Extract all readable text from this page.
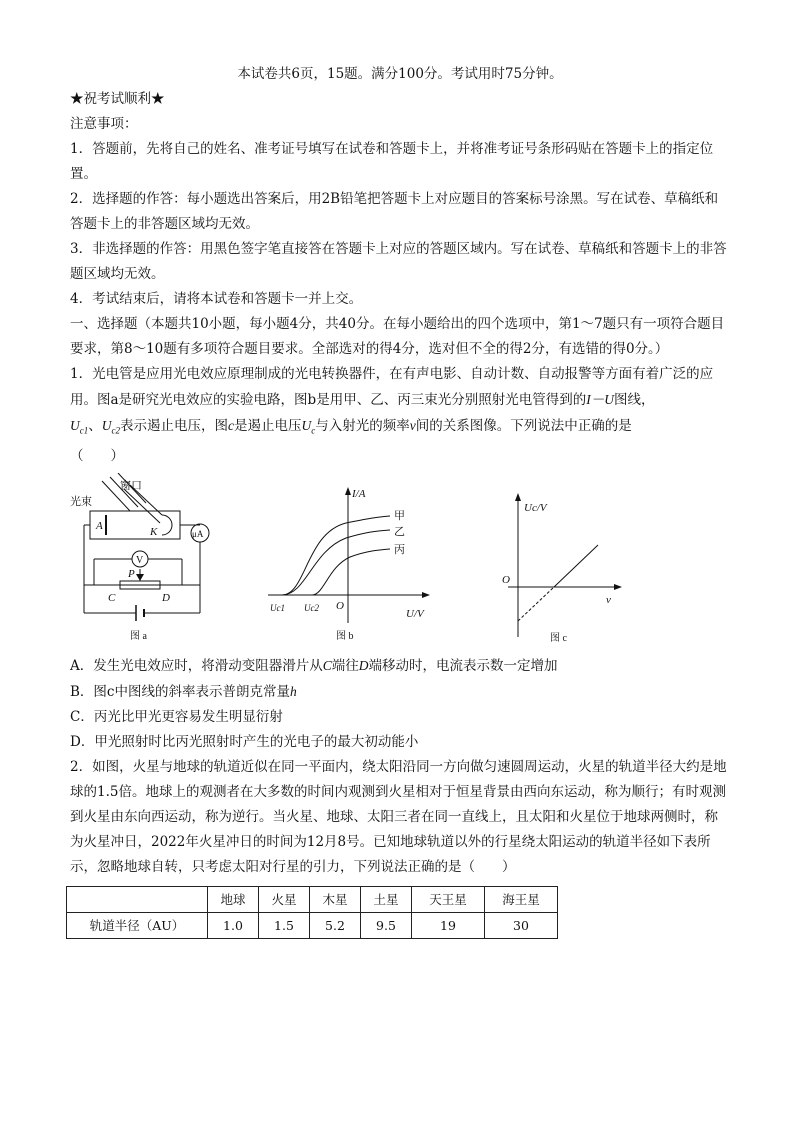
本试卷共6页，15题。满分100分。考试用时75分钟。
★祝考试顺利★
注意事项：
1．答题前，先将自己的姓名、准考证号填写在试卷和答题卡上，并将准考证号条形码贴在答题卡上的指定位置。
2．选择题的作答：每小题选出答案后，用2B铅笔把答题卡上对应题目的答案标号涂黑。写在试卷、草稿纸和答题卡上的非答题区域均无效。
3．非选择题的作答：用黑色签字笔直接答在答题卡上对应的答题区域内。写在试卷、草稿纸和答题卡上的非答题区域均无效。
4．考试结束后，请将本试卷和答题卡一并上交。
一、选择题（本题共10小题，每小题4分，共40分。在每小题给出的四个选项中，第1～7题只有一项符合题目要求，第8～10题有多项符合题目要求。全部选对的得4分，选对但不全的得2分，有选错的得0分。）
1．光电管是应用光电效应原理制成的光电转换器件，在有声电影、自动计数、自动报警等方面有着广泛的应用。图a是研究光电效应的实验电路，图b是用甲、乙、丙三束光分别照射光电管得到的I－U图线，
$U_{c1}$、$U_{c2}$表示遏止电压，图c是遏止电压$U_c$与入射光的频率ν间的关系图像。下列说法中正确的是
（　　）
窗口
光束
A	K	μA
V
P
C	D
图 a
I/A
U/V
O
甲
乙
丙
Uc1 Uc2
图 b
Uc/V
ν
O
图 c
A．发生光电效应时，将滑动变阻器滑片从C端往D端移动时，电流表示数一定增加
B．图c中图线的斜率表示普朗克常量h
C．丙光比甲光更容易发生明显衍射
D．甲光照射时比丙光照射时产生的光电子的最大初动能小
2．如图，火星与地球的轨道近似在同一平面内，绕太阳沿同一方向做匀速圆周运动，火星的轨道半径大约是地球的1.5倍。地球上的观测者在大多数的时间内观测到火星相对于恒星背景由西向东运动，称为顺行；有时观测到火星由东向西运动，称为逆行。当火星、地球、太阳三者在同一直线上，且太阳和火星位于地球两侧时，称为火星冲日，2022年火星冲日的时间为12月8号。已知地球轨道以外的行星绕太阳运动的轨道半径如下表所示，忽略地球自转，只考虑太阳对行星的引力，下列说法正确的是（　　）
	地球	火星	木星	土星	天王星	海王星
轨道半径（AU）	1.0	1.5	5.2	9.5	19	30
